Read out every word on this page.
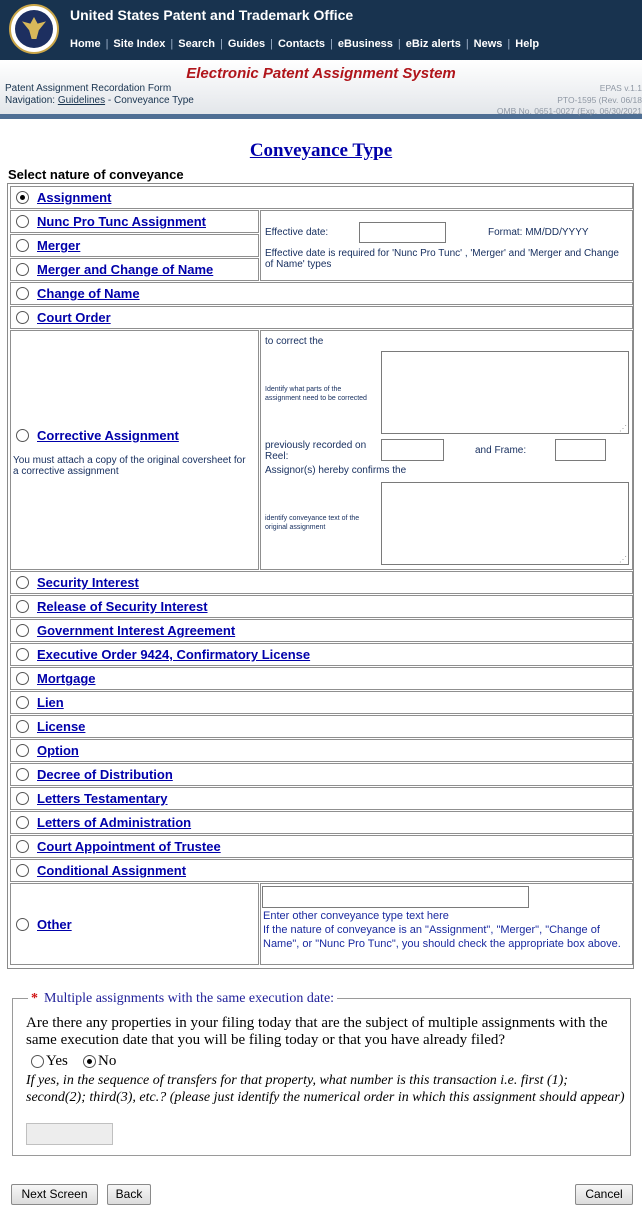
United States Patent and Trademark Office
Home | Site Index | Search | Guides | Contacts | eBusiness | eBiz alerts | News | Help
Electronic Patent Assignment System
Patent Assignment Recordation Form
Navigation: Guidelines - Conveyance Type
EPAS v.1.1
PTO-1595 (Rev. 06/18
OMB No. 0651-0027 (Exp. 06/30/2021
Conveyance Type
Select nature of conveyance
Assignment
Nunc Pro Tunc Assignment
Merger
Merger and Change of Name
Effective date:	Format: MM/DD/YYYY
Effective date is required for 'Nunc Pro Tunc' , 'Merger' and 'Merger and Change of Name' types
Change of Name
Court Order
Corrective Assignment
You must attach a copy of the original coversheet for a corrective assignment
to correct the
Identify what parts of the assignment need to be corrected
⋰
previously recorded on Reel:
and Frame:
Assignor(s) hereby confirms the
identify conveyance text of the original assignment
⋰
Security Interest
Release of Security Interest
Government Interest Agreement
Executive Order 9424, Confirmatory License
Mortgage
Lien
License
Option
Decree of Distribution
Letters Testamentary
Letters of Administration
Court Appointment of Trustee
Conditional Assignment
Other
Enter other conveyance type text here
If the nature of conveyance is an "Assignment", "Merger", "Change of Name", or "Nunc Pro Tunc", you should check the appropriate box above.
* Multiple assignments with the same execution date:
Are there any properties in your filing today that are the subject of multiple assignments with the same execution date that you will be filing today or that you have already filed?
Yes No
If yes, in the sequence of transfers for that property, what number is this transaction i.e. first (1); second(2); third(3), etc.? (please just identify the numerical order in which this assignment should appear)
Next Screen	Back	Cancel
